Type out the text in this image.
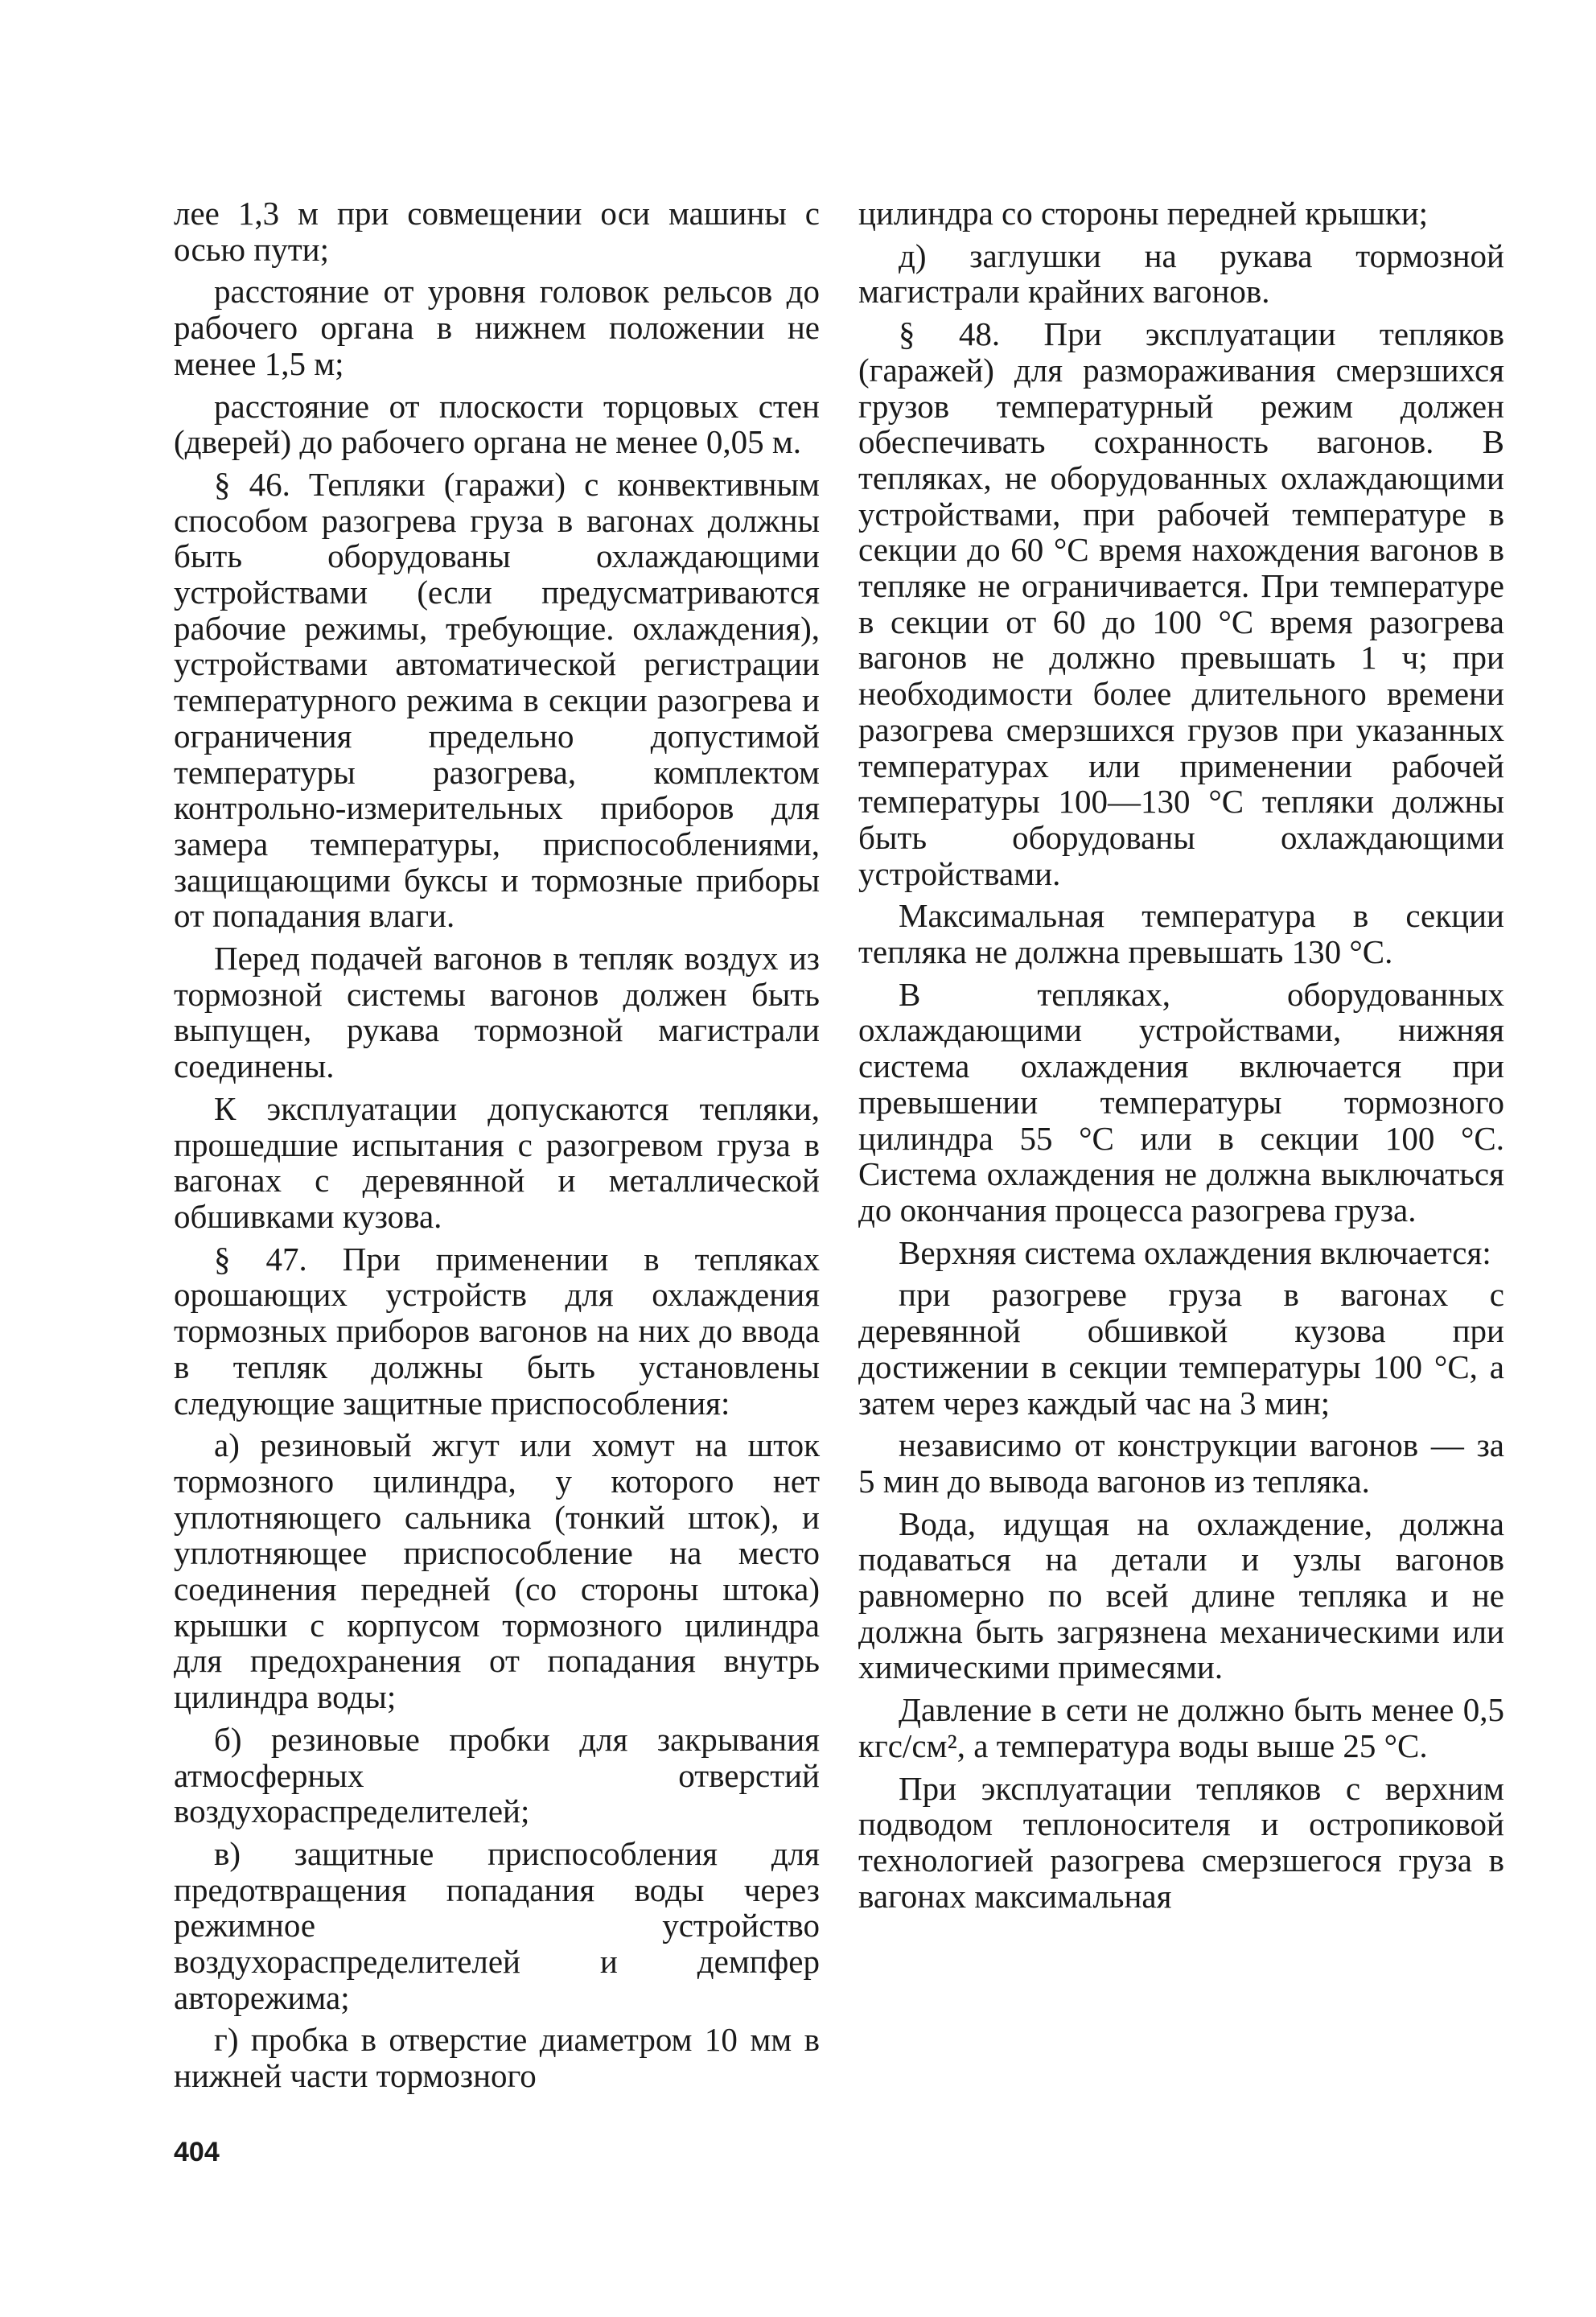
лее 1,3 м при совмещении оси машины с осью пути;

расстояние от уровня головок рельсов до рабочего органа в нижнем положении не менее 1,5 м;

расстояние от плоскости торцовых стен (дверей) до рабочего органа не менее 0,05 м.

§ 46. Тепляки (гаражи) с конвективным способом разогрева груза в вагонах должны быть оборудованы охлаждающими устройствами (если предусматриваются рабочие режимы, требующие. охлаждения), устройствами автоматической регистрации температурного режима в секции разогрева и ограничения предельно допустимой температуры разогрева, комплектом контрольно-измерительных приборов для замера температуры, приспособлениями, защищающими буксы и тормозные приборы от попадания влаги.

Перед подачей вагонов в тепляк воздух из тормозной системы вагонов должен быть выпущен, рукава тормозной магистрали соединены.

К эксплуатации допускаются тепляки, прошедшие испытания с разогревом груза в вагонах с деревянной и металлической обшивками кузова.

§ 47. При применении в тепляках орошающих устройств для охлаждения тормозных приборов вагонов на них до ввода в тепляк должны быть установлены следующие защитные приспособления:

а) резиновый жгут или хомут на шток тормозного цилиндра, у которого нет уплотняющего сальника (тонкий шток), и уплотняющее приспособление на место соединения передней (со стороны штока) крышки с корпусом тормозного цилиндра для предохранения от попадания внутрь цилиндра воды;

б) резиновые пробки для закрывания атмосферных отверстий воздухораспределителей;

в) защитные приспособления для предотвращения попадания воды через режимное устройство воздухораспределителей и демпфер авторежима;

г) пробка в отверстие диаметром 10 мм в нижней части тормозного

цилиндра со стороны передней крышки;

д) заглушки на рукава тормозной магистрали крайних вагонов.

§ 48. При эксплуатации тепляков (гаражей) для размораживания смерзшихся грузов температурный режим должен обеспечивать сохранность вагонов. В тепляках, не оборудованных охлаждающими устройствами, при рабочей температуре в секции до 60 °С время нахождения вагонов в тепляке не ограничивается. При температуре в секции от 60 до 100 °С время разогрева вагонов не должно превышать 1 ч; при необходимости более длительного времени разогрева смерзшихся грузов при указанных температурах или применении рабочей температуры 100—130 °С тепляки должны быть оборудованы охлаждающими устройствами.

Максимальная температура в секции тепляка не должна превышать 130 °С.

В тепляках, оборудованных охлаждающими устройствами, нижняя система охлаждения включается при превышении температуры тормозного цилиндра 55 °С или в секции 100 °С. Система охлаждения не должна выключаться до окончания процесса разогрева груза.

Верхняя система охлаждения включается:

при разогреве груза в вагонах с деревянной обшивкой кузова при достижении в секции температуры 100 °С, а затем через каждый час на 3 мин;

независимо от конструкции вагонов — за 5 мин до вывода вагонов из тепляка.

Вода, идущая на охлаждение, должна подаваться на детали и узлы вагонов равномерно по всей длине тепляка и не должна быть загрязнена механическими или химическими примесями.

Давление в сети не должно быть менее 0,5 кгс/см², а температура воды выше 25 °С.

При эксплуатации тепляков с верхним подводом теплоносителя и остропиковой технологией разогрева смерзшегося груза в вагонах максимальная

404
